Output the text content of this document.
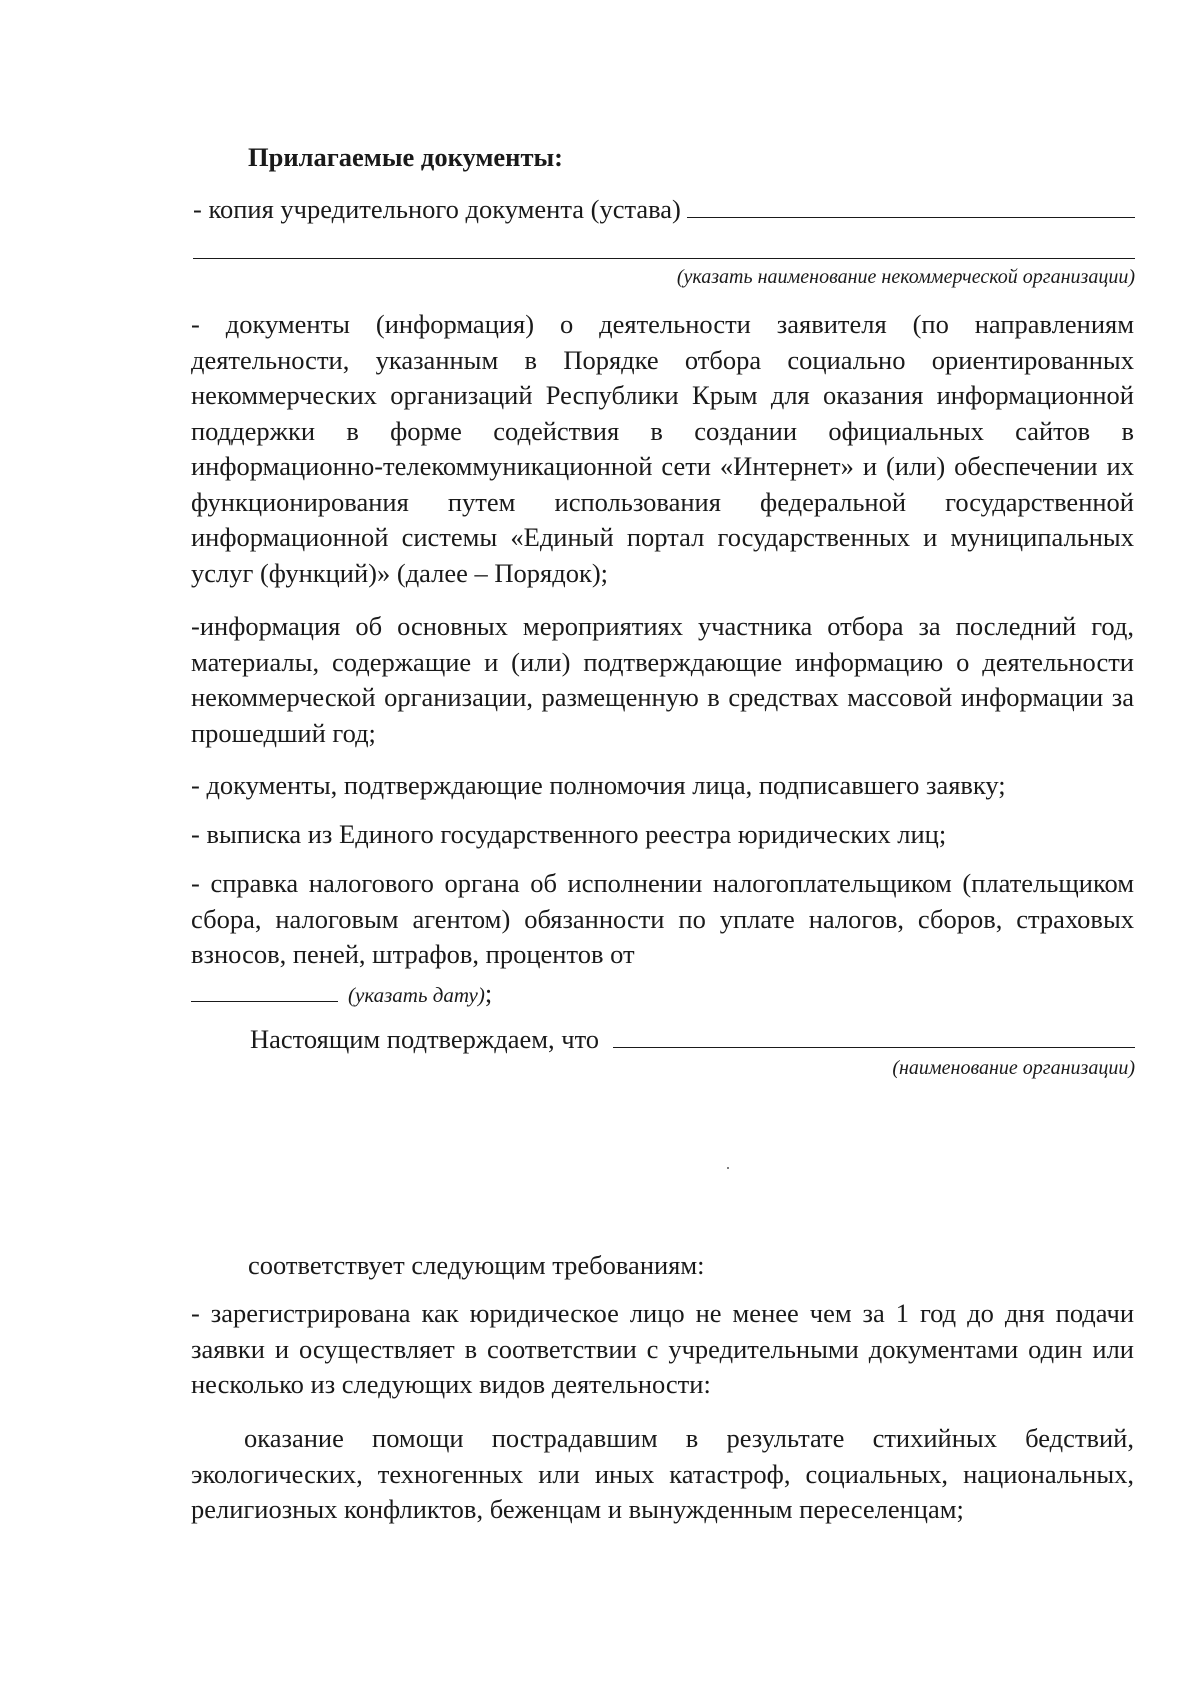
Прилагаемые документы:
- копия учредительного документа (устава)
(указать наименование некоммерческой организации)

- документы (информация) о деятельности заявителя (по направлениям деятельности, указанным в Порядке отбора социально ориентированных некоммерческих организаций Республики Крым для оказания информационной поддержки в форме содействия в создании официальных сайтов в информационно-телекоммуникационной сети «Интернет» и (или) обеспечении их функционирования путем использования федеральной государственной информационной системы «Единый портал государственных и муниципальных услуг (функций)» (далее – Порядок);

-информация об основных мероприятиях участника отбора за последний год, материалы, содержащие и (или) подтверждающие информацию о деятельности некоммерческой организации, размещенную в средствах массовой информации за прошедший год;

- документы, подтверждающие полномочия лица, подписавшего заявку;

- выписка из Единого государственного реестра юридических лиц;

- справка налогового органа об исполнении налогоплательщиком (плательщиком сбора, налоговым агентом) обязанности по уплате налогов, сборов, страховых взносов, пеней, штрафов, процентов от

(указать дату) ;
Настоящим подтверждаем, что
(наименование организации)

соответствует следующим требованиям:

- зарегистрирована как юридическое лицо не менее чем за 1 год до дня подачи заявки и осуществляет в соответствии с учредительными документами один или несколько из следующих видов деятельности:

оказание помощи пострадавшим в результате стихийных бедствий, экологических, техногенных или иных катастроф, социальных, национальных, религиозных конфликтов, беженцам и вынужденным переселенцам;
